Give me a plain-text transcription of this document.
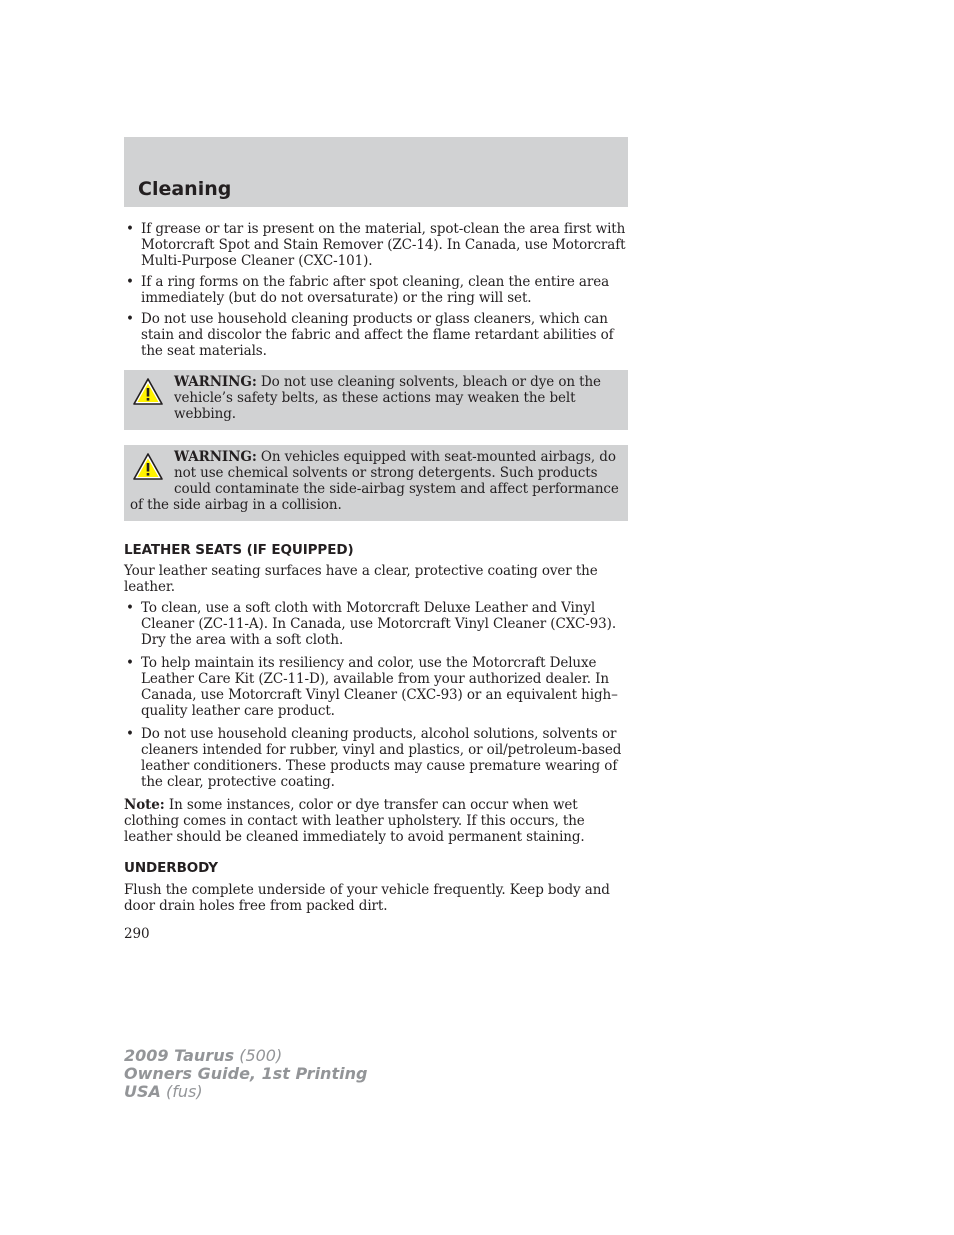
Cleaning
• If grease or tar is present on the material, spot-clean the area first with Motorcraft Spot and Stain Remover (ZC-14). In Canada, use Motorcraft Multi-Purpose Cleaner (CXC-101).
• If a ring forms on the fabric after spot cleaning, clean the entire area immediately (but do not oversaturate) or the ring will set.
• Do not use household cleaning products or glass cleaners, which can stain and discolor the fabric and affect the flame retardant abilities of the seat materials.
WARNING: Do not use cleaning solvents, bleach or dye on the vehicle’s safety belts, as these actions may weaken the belt webbing.
WARNING: On vehicles equipped with seat-mounted airbags, do not use chemical solvents or strong detergents. Such products could contaminate the side-airbag system and affect performance of the side airbag in a collision.
LEATHER SEATS (IF EQUIPPED)

Your leather seating surfaces have a clear, protective coating over the leather.

• To clean, use a soft cloth with Motorcraft Deluxe Leather and Vinyl Cleaner (ZC-11-A). In Canada, use Motorcraft Vinyl Cleaner (CXC-93). Dry the area with a soft cloth.
• To help maintain its resiliency and color, use the Motorcraft Deluxe Leather Care Kit (ZC-11-D), available from your authorized dealer. In Canada, use Motorcraft Vinyl Cleaner (CXC-93) or an equivalent high–quality leather care product.
• Do not use household cleaning products, alcohol solutions, solvents or cleaners intended for rubber, vinyl and plastics, or oil/petroleum-based leather conditioners. These products may cause premature wearing of the clear, protective coating.

Note: In some instances, color or dye transfer can occur when wet clothing comes in contact with leather upholstery. If this occurs, the leather should be cleaned immediately to avoid permanent staining.

UNDERBODY

Flush the complete underside of your vehicle frequently. Keep body and door drain holes free from packed dirt.

290

2009 Taurus (500)
Owners Guide, 1st Printing
USA (fus)
